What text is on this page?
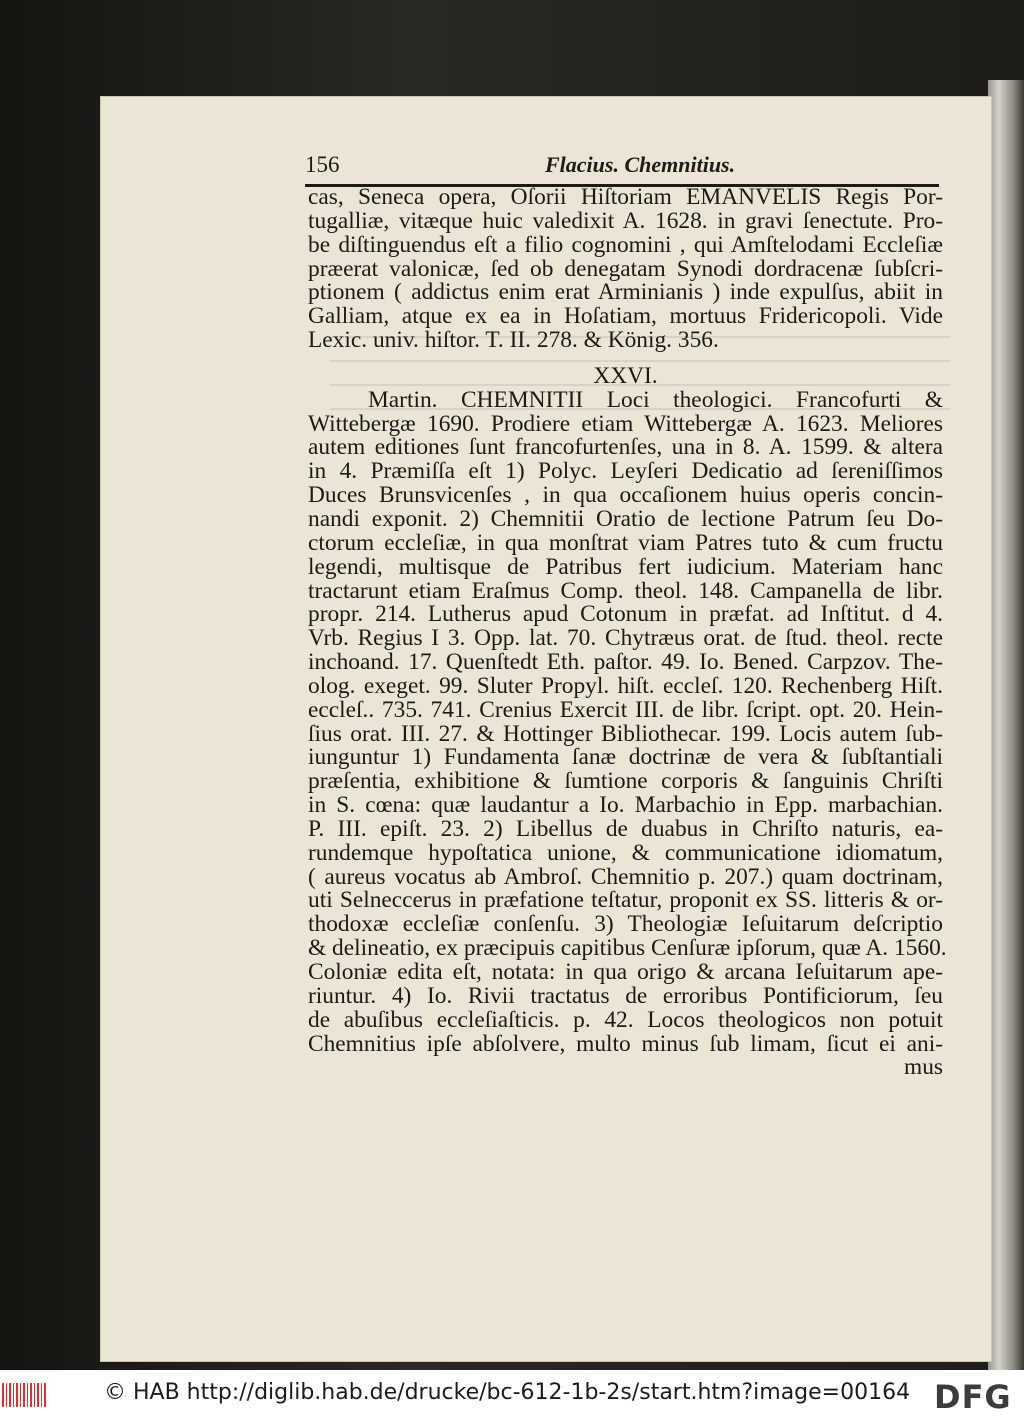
156	Flacius. Chemnitius.
cas, Seneca opera, Oſorii Hiſtoriam EMANVELIS Regis Por-
tugalliæ, vitæque huic valedixit A. 1628. in gravi ſenectute. Pro-
be diſtinguendus eſt a filio cognomini , qui Amſtelodami Eccleſiæ
præerat valonicæ, ſed ob denegatam Synodi dordracenæ ſubſcri-
ptionem ( addictus enim erat Arminianis ) inde expulſus, abiit in
Galliam, atque ex ea in Hoſatiam, mortuus Fridericopoli. Vide
Lexic. univ. hiſtor. T. II. 278. & König. 356.
XXVI.
Martin. CHEMNITII Loci theologici. Francofurti &
Wittebergæ 1690. Prodiere etiam Wittebergæ A. 1623. Meliores
autem editiones ſunt francofurtenſes, una in 8. A. 1599. & altera
in 4. Præmiſſa eſt 1) Polyc. Leyſeri Dedicatio ad ſereniſſimos
Duces Brunsvicenſes , in qua occaſionem huius operis concin-
nandi exponit. 2) Chemnitii Oratio de lectione Patrum ſeu Do-
ctorum eccleſiæ, in qua monſtrat viam Patres tuto & cum fructu
legendi, multisque de Patribus fert iudicium. Materiam hanc
tractarunt etiam Eraſmus Comp. theol. 148. Campanella de libr.
propr. 214. Lutherus apud Cotonum in præfat. ad Inſtitut. d 4.
Vrb. Regius I 3. Opp. lat. 70. Chytræus orat. de ſtud. theol. recte
inchoand. 17. Quenſtedt Eth. paſtor. 49. Io. Bened. Carpzov. The-
olog. exeget. 99. Sluter Propyl. hiſt. eccleſ. 120. Rechenberg Hiſt.
eccleſ.. 735. 741. Crenius Exercit III. de libr. ſcript. opt. 20. Hein-
ſius orat. III. 27. & Hottinger Bibliothecar. 199. Locis autem ſub-
iunguntur 1) Fundamenta ſanæ doctrinæ de vera & ſubſtantiali
præſentia, exhibitione & ſumtione corporis & ſanguinis Chriſti
in S. cœna: quæ laudantur a Io. Marbachio in Epp. marbachian.
P. III. epiſt. 23. 2) Libellus de duabus in Chriſto naturis, ea-
rundemque hypoſtatica unione, & communicatione idiomatum,
( aureus vocatus ab Ambroſ. Chemnitio p. 207.) quam doctrinam,
uti Selneccerus in præfatione teſtatur, proponit ex SS. litteris & or-
thodoxæ eccleſiæ conſenſu. 3) Theologiæ Ieſuitarum deſcriptio
& delineatio, ex præcipuis capitibus Cenſuræ ipſorum, quæ A. 1560.
Coloniæ edita eſt, notata: in qua origo & arcana Ieſuitarum ape-
riuntur. 4) Io. Rivii tractatus de erroribus Pontificiorum, ſeu
de abuſibus eccleſiaſticis. p. 42. Locos theologicos non potuit
Chemnitius ipſe abſolvere, multo minus ſub limam, ſicut ei ani-
mus
© HAB http://diglib.hab.de/drucke/bc-612-1b-2s/start.htm?image=00164 DFG
